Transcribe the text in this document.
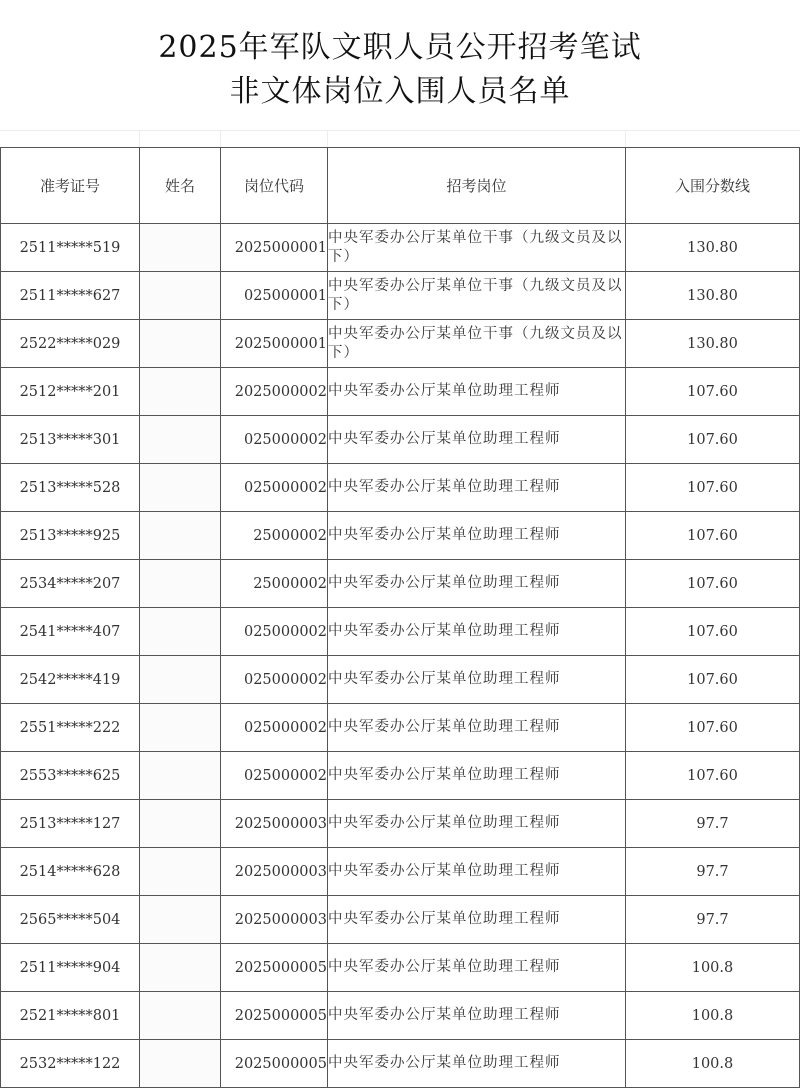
2025年军队文职人员公开招考笔试
非文体岗位入围人员名单
准考证号	姓名	岗位代码	招考岗位	入围分数线
2511*****519		2025000001	中央军委办公厅某单位干事（九级文员及以下）	130.80
2511*****627		025000001	中央军委办公厅某单位干事（九级文员及以下）	130.80
2522*****029		2025000001	中央军委办公厅某单位干事（九级文员及以下）	130.80
2512*****201		2025000002	中央军委办公厅某单位助理工程师	107.60
2513*****301		025000002	中央军委办公厅某单位助理工程师	107.60
2513*****528		025000002	中央军委办公厅某单位助理工程师	107.60
2513*****925		25000002	中央军委办公厅某单位助理工程师	107.60
2534*****207		25000002	中央军委办公厅某单位助理工程师	107.60
2541*****407		025000002	中央军委办公厅某单位助理工程师	107.60
2542*****419		025000002	中央军委办公厅某单位助理工程师	107.60
2551*****222		025000002	中央军委办公厅某单位助理工程师	107.60
2553*****625		025000002	中央军委办公厅某单位助理工程师	107.60
2513*****127		2025000003	中央军委办公厅某单位助理工程师	97.7
2514*****628		2025000003	中央军委办公厅某单位助理工程师	97.7
2565*****504		2025000003	中央军委办公厅某单位助理工程师	97.7
2511*****904		2025000005	中央军委办公厅某单位助理工程师	100.8
2521*****801		2025000005	中央军委办公厅某单位助理工程师	100.8
2532*****122		2025000005	中央军委办公厅某单位助理工程师	100.8
